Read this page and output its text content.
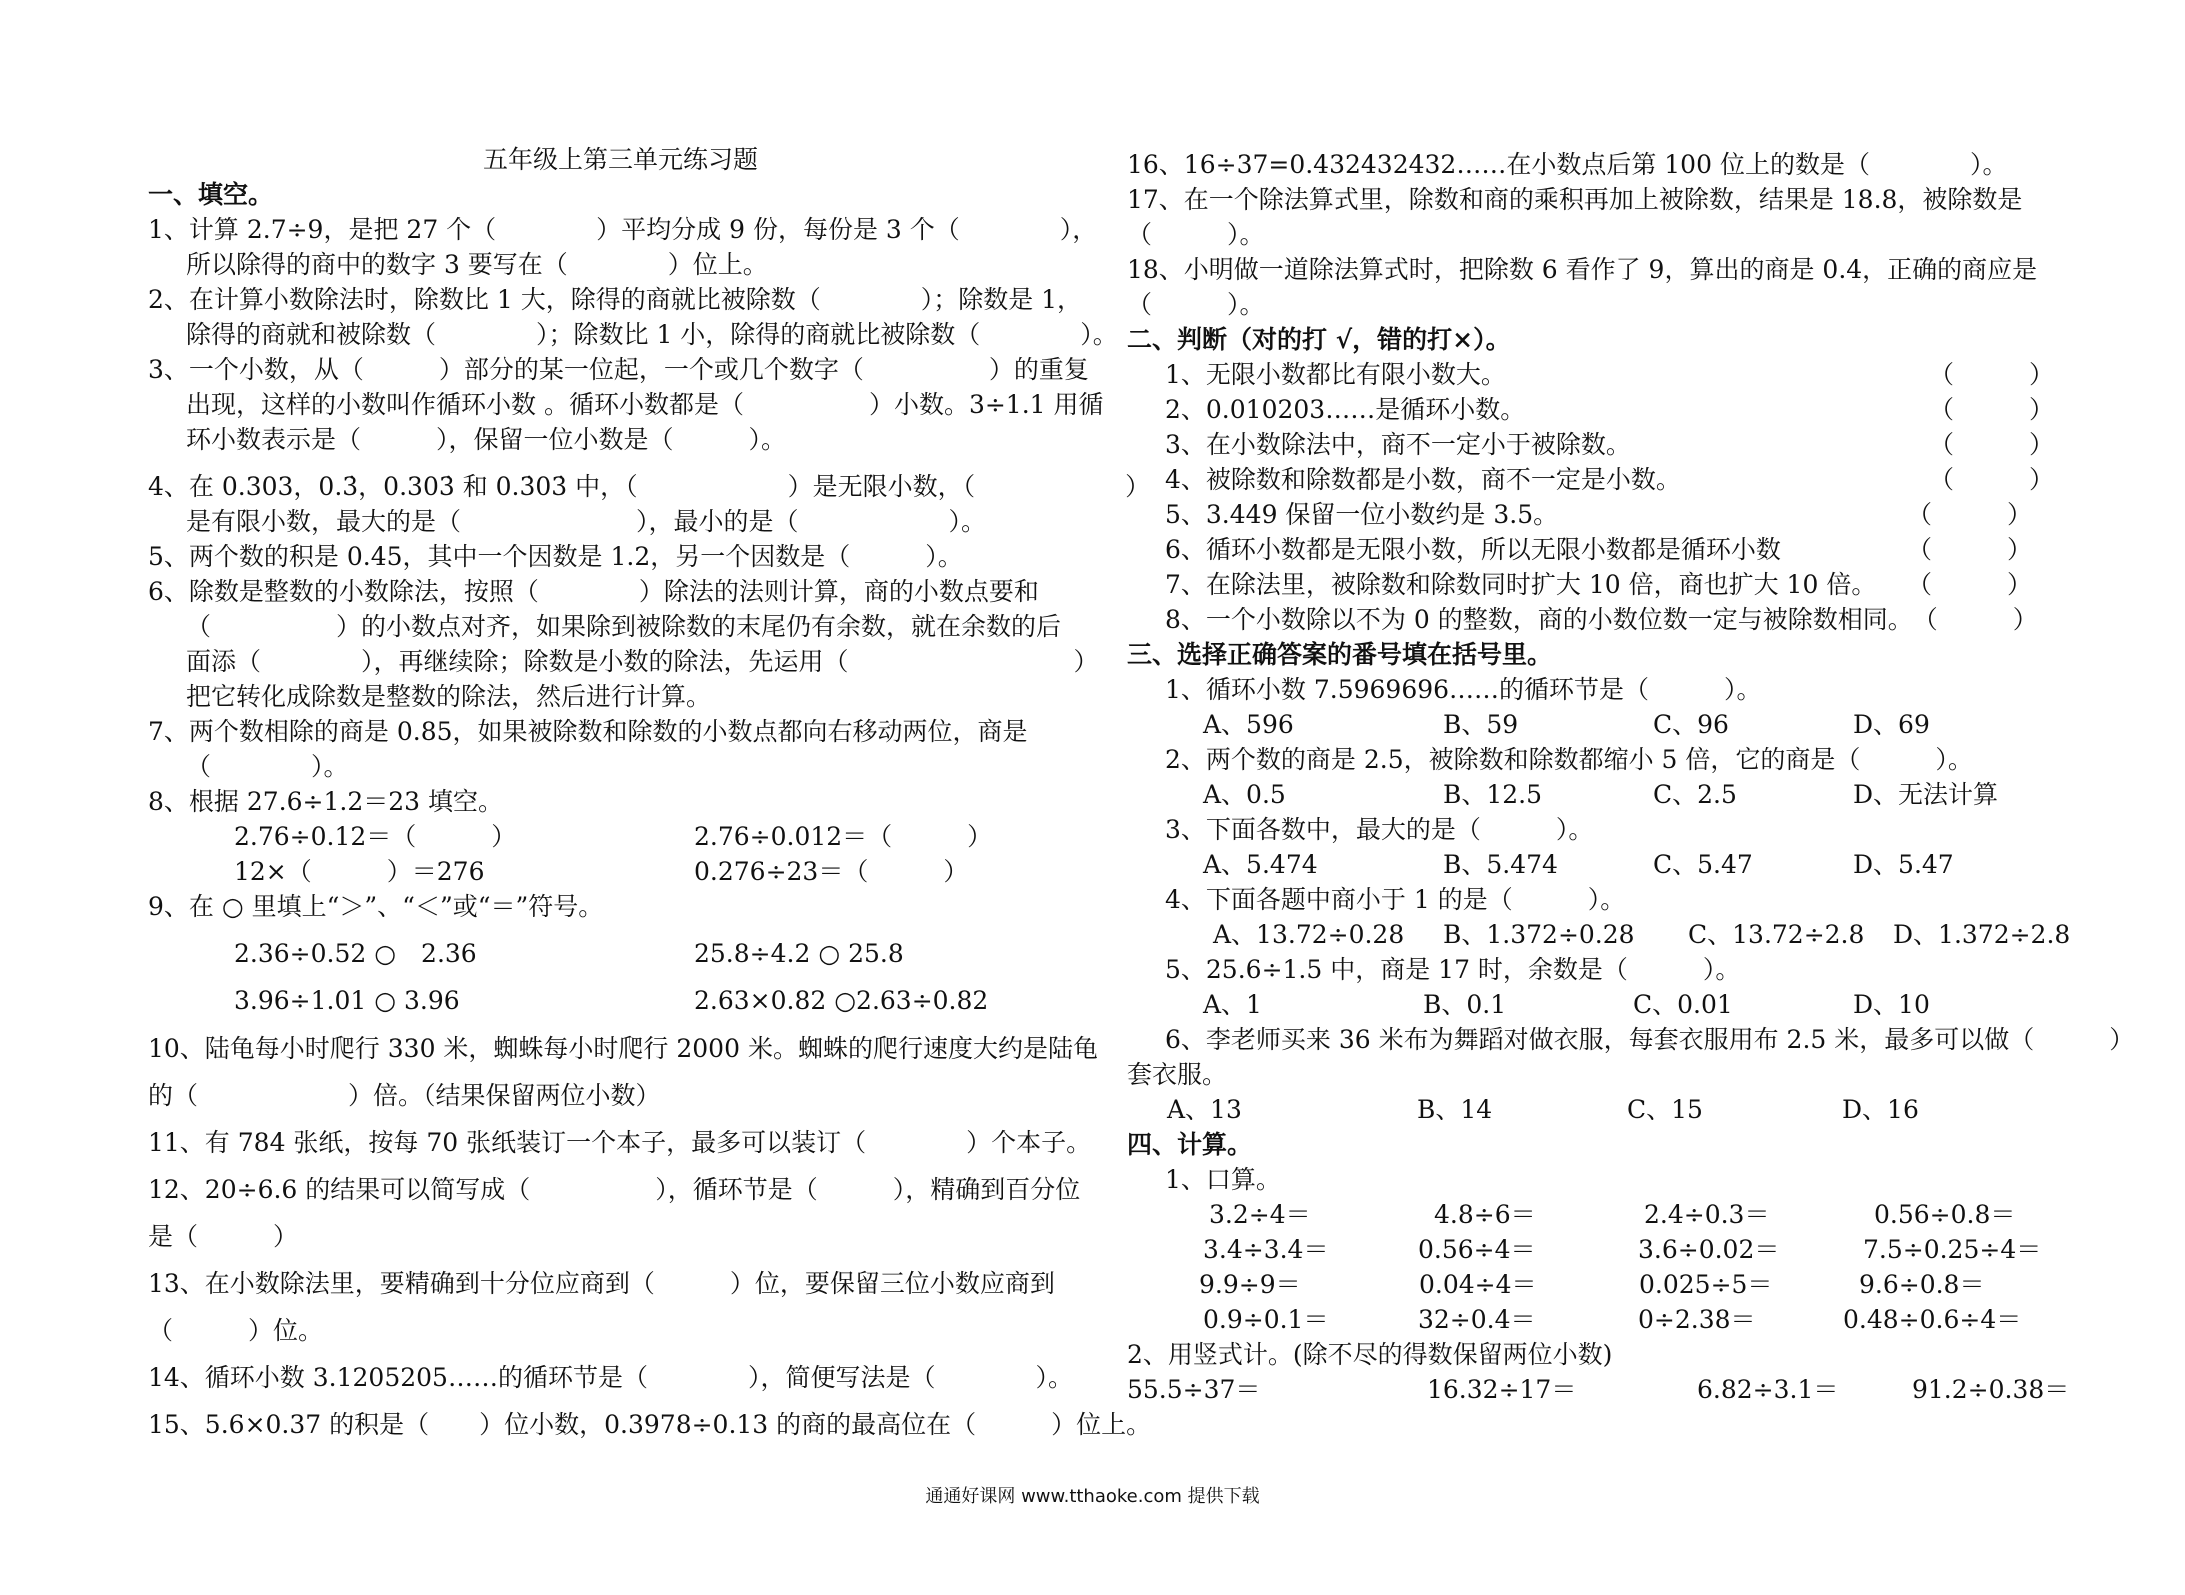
五年级上第三单元练习题
一、填空。
1、计算 2.7÷9，是把 27 个（　　　　）平均分成 9 份，每份是 3 个（　　　　），
所以除得的商中的数字 3 要写在（　　　　）位上。
2、在计算小数除法时，除数比 1 大，除得的商就比被除数（　　　　）；除数是 1，
除得的商就和被除数（　　　　）；除数比 1 小，除得的商就比被除数（　　　　）。
3、一个小数，从（　　　）部分的某一位起，一个或几个数字（　　　　　）的重复
出现，这样的小数叫作循环小数 。循环小数都是（　　　　　）小数。3÷1.1 用循
环小数表示是（　　　），保留一位小数是（　　　）。
4、在 0.303，0.3̇，0.303̇ 和 0.3̇03̇ 中，（　　　　　　）是无限小数，（　　　　　　）
是有限小数，最大的是（　　　　　　　），最小的是（　　　　　　）。
5、两个数的积是 0.45，其中一个因数是 1.2，另一个因数是（　　　）。
6、除数是整数的小数除法，按照（　　　　）除法的法则计算，商的小数点要和
（　　　　　）的小数点对齐，如果除到被除数的末尾仍有余数，就在余数的后
面添（　　　　），再继续除；除数是小数的除法，先运用（　　　　　　　　　）
把它转化成除数是整数的除法，然后进行计算。
7、两个数相除的商是 0.85，如果被除数和除数的小数点都向右移动两位，商是
（　　　　）。
8、根据 27.6÷1.2＝23 填空。
2.76÷0.12＝（　　　）	2.76÷0.012＝（　　　）
12×（　　　）＝276	0.276÷23＝（　　　）
9、在 ○ 里填上“＞”、“＜”或“＝”符号。
2.36÷0.52 ○　2.36	25.8÷4.2 ○ 25.8
3.96÷1.01 ○ 3.96	2.63×0.82 ○2.63÷0.82
10、陆龟每小时爬行 330 米，蜘蛛每小时爬行 2000 米。蜘蛛的爬行速度大约是陆龟
的（　　　　　　）倍。（结果保留两位小数）
11、有 784 张纸，按每 70 张纸装订一个本子，最多可以装订（　　　　）个本子。
12、20÷6.6 的结果可以简写成（　　　　　），循环节是（　　　），精确到百分位
是（　　　）
13、在小数除法里，要精确到十分位应商到（　　　）位，要保留三位小数应商到
（　　　）位。
14、循环小数 3.1205205……的循环节是（　　　　），简便写法是（　　　　）。
15、5.6×0.37 的积是（　　）位小数，0.3978÷0.13 的商的最高位在（　　　）位上。
16、16÷37=0.432432432……在小数点后第 100 位上的数是（　　　　）。
17、在一个除法算式里，除数和商的乘积再加上被除数，结果是 18.8，被除数是
（　　　）。
18、小明做一道除法算式时，把除数 6 看作了 9，算出的商是 0.4，正确的商应是
（　　　）。
二、判断（对的打 √，错的打×）。
1、无限小数都比有限小数大。	（　　　）
2、0.010203……是循环小数。	（　　　）
3、在小数除法中，商不一定小于被除数。	（　　　）
4、被除数和除数都是小数，商不一定是小数。	（　　　）
5、3.449 保留一位小数约是 3.5。	（　　　）
6、循环小数都是无限小数，所以无限小数都是循环小数	（　　　）
7、在除法里，被除数和除数同时扩大 10 倍，商也扩大 10 倍。 （　　　）
8、一个小数除以不为 0 的整数，商的小数位数一定与被除数相同。 （　　　）
三、选择正确答案的番号填在括号里。
1、循环小数 7.5969696……的循环节是（　　　）。
A、596	B、59	C、96	D、69
2、两个数的商是 2.5，被除数和除数都缩小 5 倍，它的商是（　　　）。
A、0.5	B、12.5	C、2.5	D、无法计算
3、下面各数中，最大的是（　　　）。
A、5.474	B、5.474	C、5.47	D、5.47
4、下面各题中商小于 1 的是（　　　）。
A、13.72÷0.28	B、1.372÷0.28	C、13.72÷2.8	D、1.372÷2.8
5、25.6÷1.5 中，商是 17 时，余数是（　　　）。
A、1	B、0.1	C、0.01	D、10
6、李老师买来 36 米布为舞蹈对做衣服，每套衣服用布 2.5 米，最多可以做（　　　）
套衣服。
A、13	B、14	C、15	D、16
四、计算。
1、口算。
3.2÷4＝	4.8÷6＝	2.4÷0.3＝	0.56÷0.8＝
3.4÷3.4＝	0.56÷4＝	3.6÷0.02＝	7.5÷0.25÷4＝
9.9÷9＝	0.04÷4＝	0.025÷5＝	9.6÷0.8＝
0.9÷0.1＝	32÷0.4＝	0÷2.38＝	0.48÷0.6÷4＝
2、用竖式计。(除不尽的得数保留两位小数)
55.5÷37＝	16.32÷17＝	6.82÷3.1＝	91.2÷0.38＝
通通好课网 www.tthaoke.com 提供下载
